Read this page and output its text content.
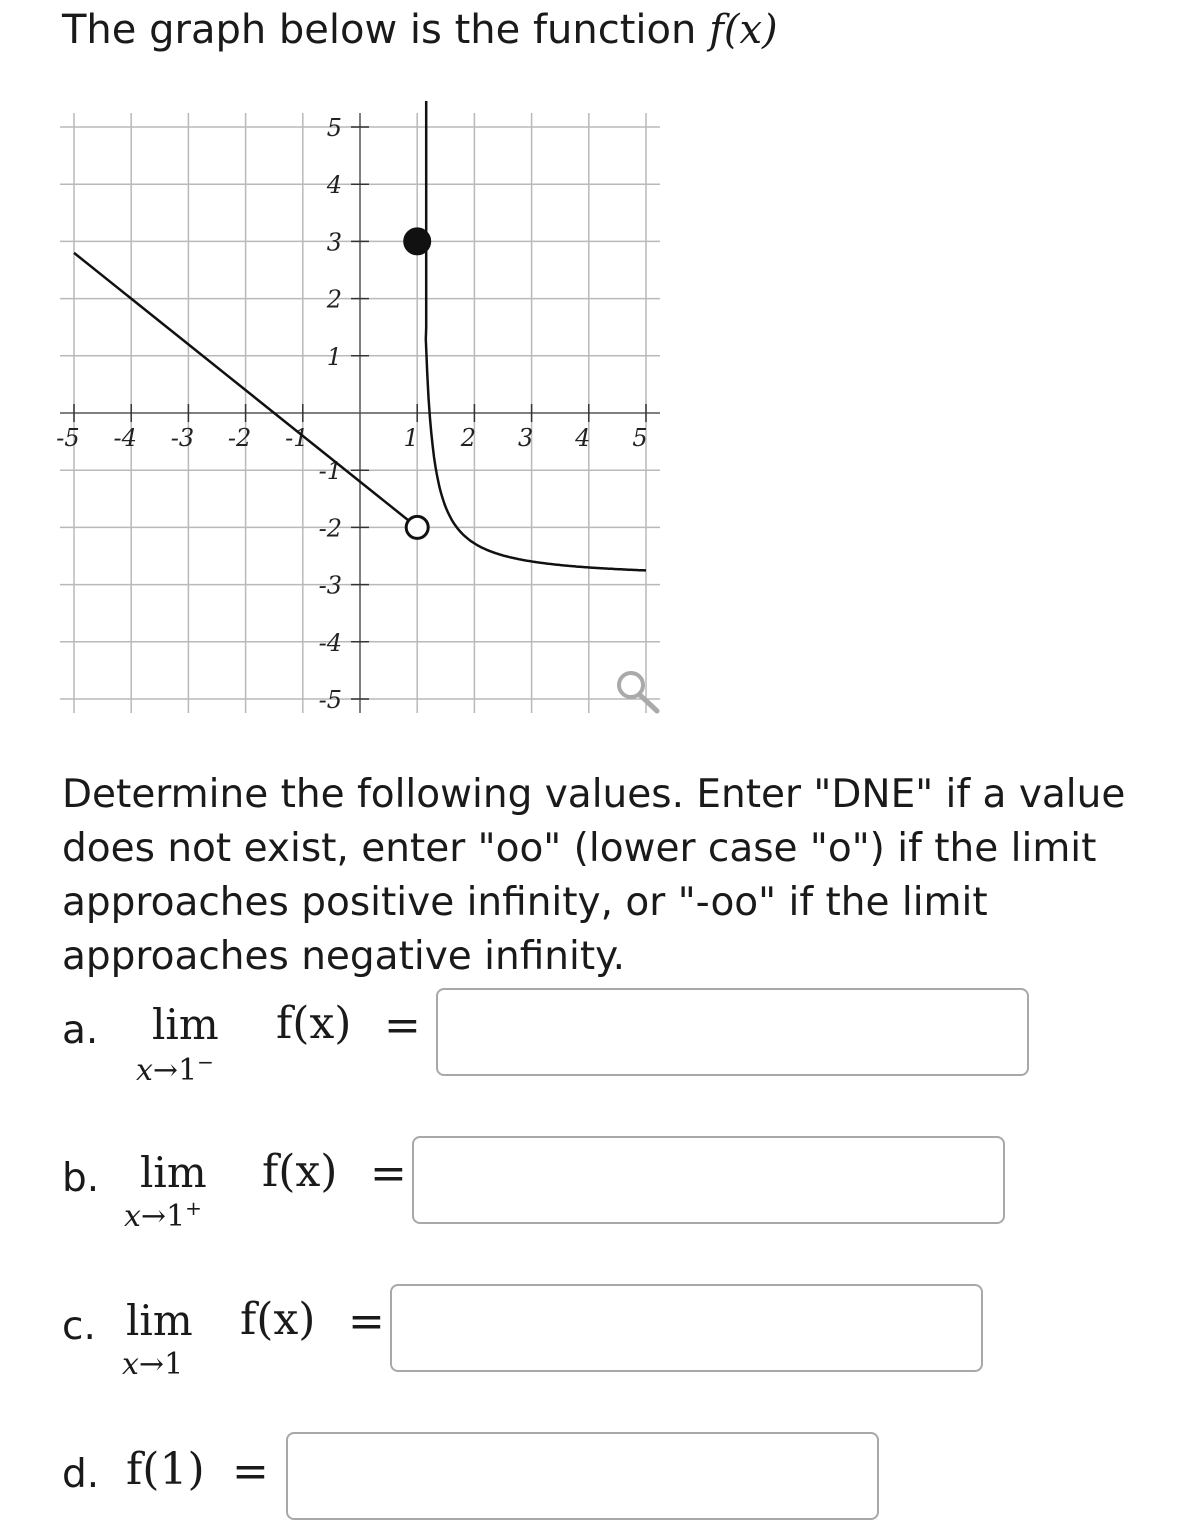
The graph below is the function f(x)
-5 -4 -3 -2 -1	1 2 3 4 5
5
4
3
2
1
-1
-2
-3
-4
-5
Determine the following values. Enter "DNE" if a value does not exist, enter "oo" (lower case "o") if the limit approaches positive infinity, or "-oo" if the limit approaches negative infinity.
a. lim
x→1−
f(x) =
b. lim
x→1+
f(x) =
c. lim
x→1
f(x) =
d. f(1) =
